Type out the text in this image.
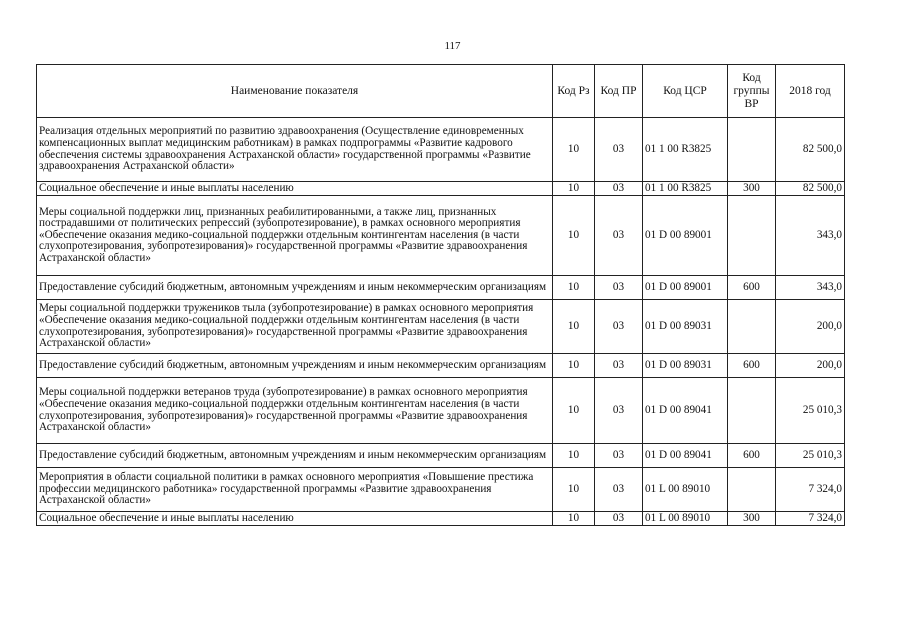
117
Наименование показателя	Код Рз	Код ПР	Код ЦСР	Код группы ВР	2018 год
Реализация отдельных мероприятий по развитию здравоохранения (Осуществление единовременных компенсационных выплат медицинским работникам) в рамках подпрограммы «Развитие кадрового обеспечения системы здравоохранения Астраханской области» государственной программы «Развитие здравоохранения Астраханской области»	10	03	01 1 00 R3825		82 500,0
Социальное обеспечение и иные выплаты населению	10	03	01 1 00 R3825	300	82 500,0
Меры социальной поддержки лиц, признанных реабилитированными, а также лиц, признанных пострадавшими от политических репрессий (зубопротезирование), в рамках основного мероприятия «Обеспечение оказания медико-социальной поддержки отдельным контингентам населения (в части слухопротезирования, зубопротезирования)» государственной программы «Развитие здравоохранения Астраханской области»	10	03	01 D 00 89001		343,0
Предоставление субсидий бюджетным, автономным учреждениям и иным некоммерческим организациям	10	03	01 D 00 89001	600	343,0
Меры социальной поддержки тружеников тыла (зубопротезирование) в рамках основного мероприятия «Обеспечение оказания медико-социальной поддержки отдельным контингентам населения (в части слухопротезирования, зубопротезирования)» государственной программы «Развитие здравоохранения Астраханской области»	10	03	01 D 00 89031		200,0
Предоставление субсидий бюджетным, автономным учреждениям и иным некоммерческим организациям	10	03	01 D 00 89031	600	200,0
Меры социальной поддержки ветеранов труда (зубопротезирование) в рамках основного мероприятия «Обеспечение оказания медико-социальной поддержки отдельным контингентам населения (в части слухопротезирования, зубопротезирования)» государственной программы «Развитие здравоохранения Астраханской области»	10	03	01 D 00 89041		25 010,3
Предоставление субсидий бюджетным, автономным учреждениям и иным некоммерческим организациям	10	03	01 D 00 89041	600	25 010,3
Мероприятия в области социальной политики в рамках основного мероприятия «Повышение престижа профессии медицинского работника» государственной программы «Развитие здравоохранения Астраханской области»	10	03	01 L 00 89010		7 324,0
Социальное обеспечение и иные выплаты населению	10	03	01 L 00 89010	300	7 324,0
